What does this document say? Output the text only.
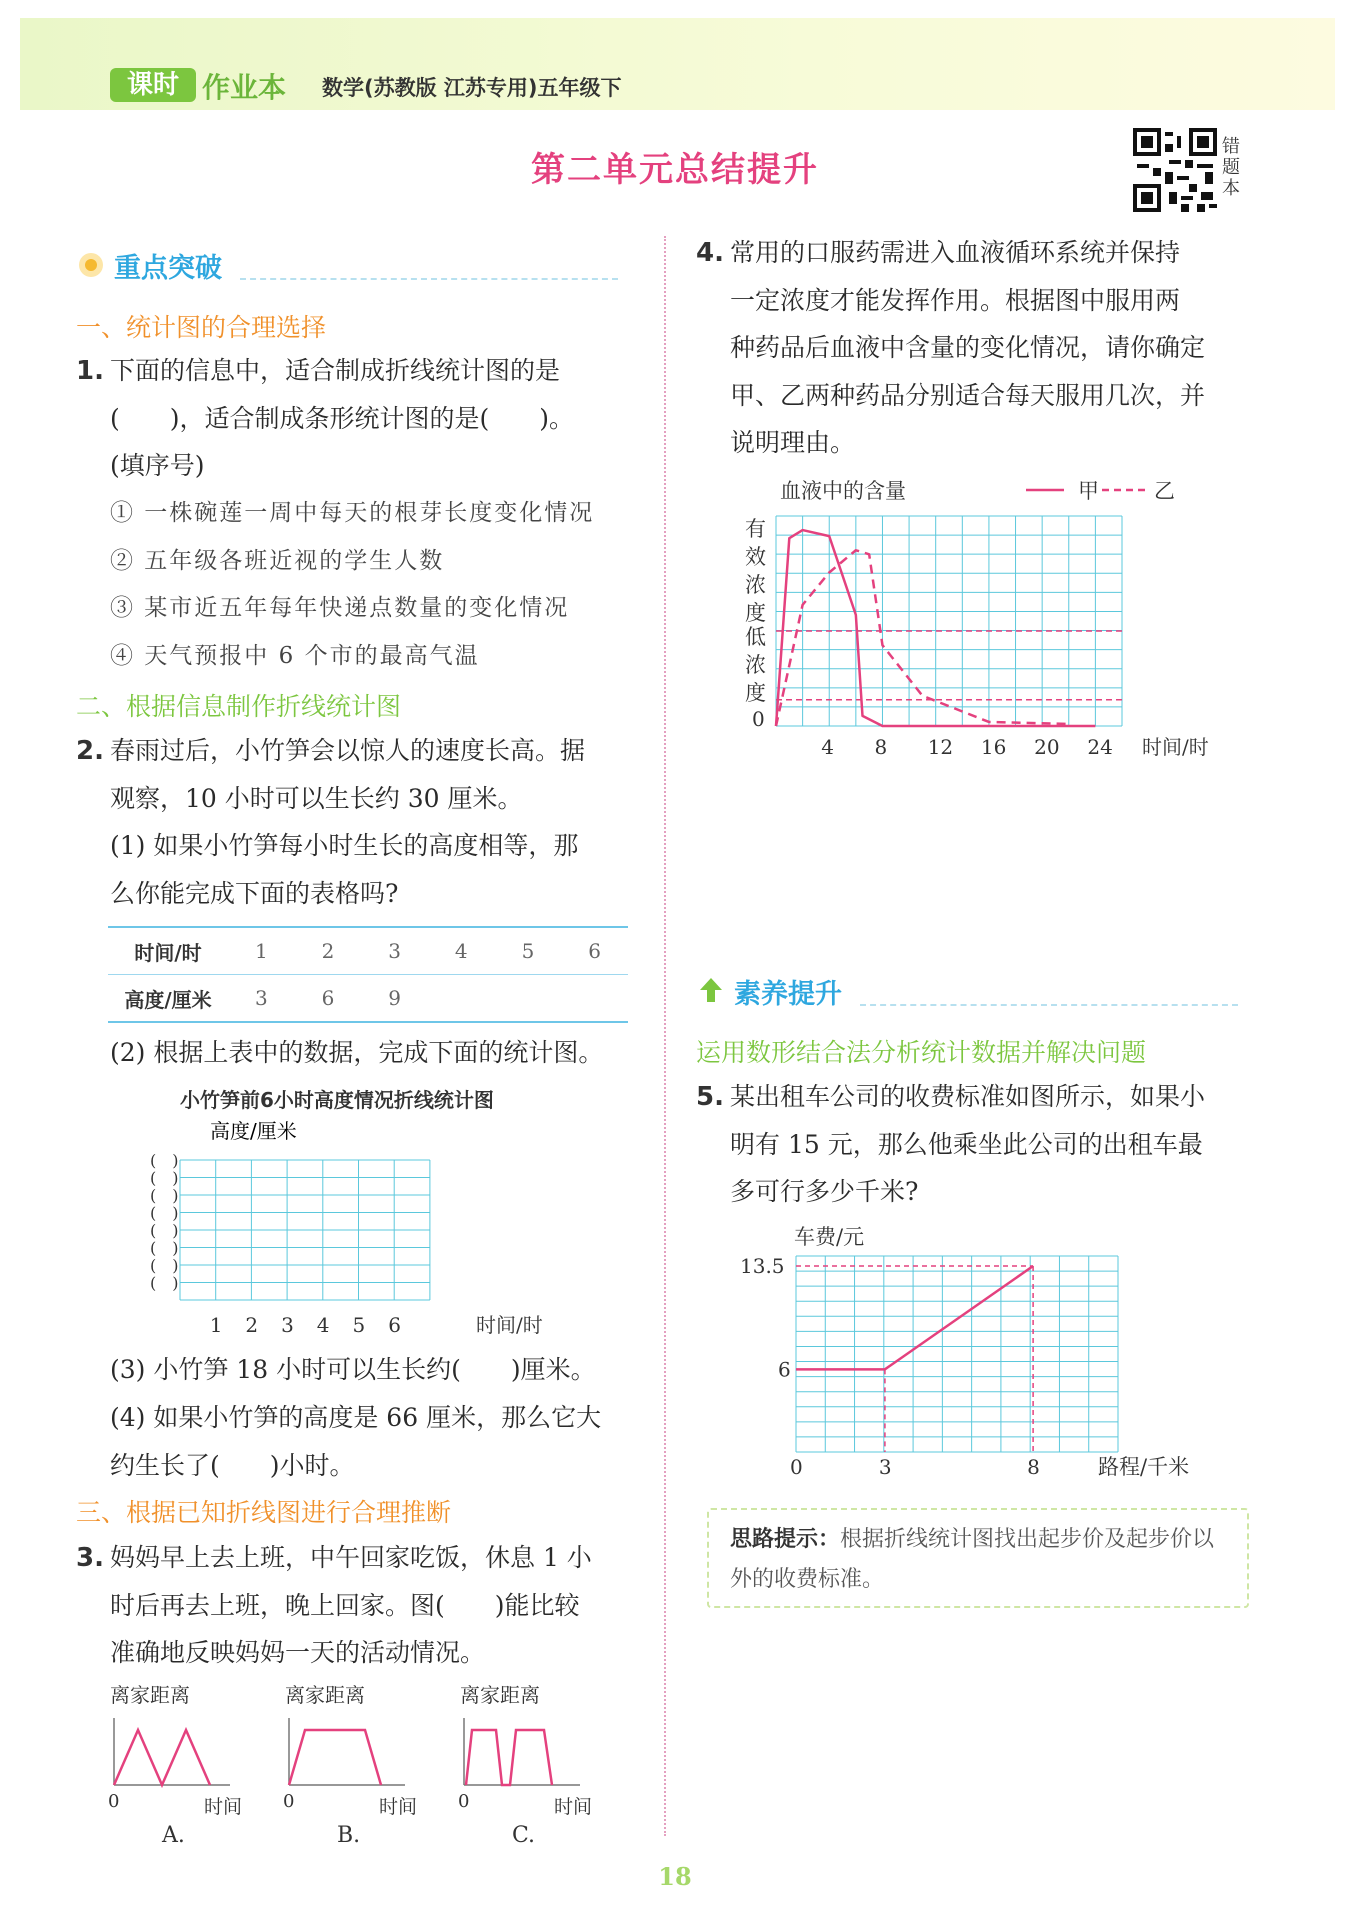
课时 作业本 数学(苏教版 江苏专用)五年级下
第二单元总结提升
错题本
重点突破
一、统计图的合理选择
1. 下面的信息中，适合制成折线统计图的是
(　　)，适合制成条形统计图的是(　　)。
(填序号)
① 一株碗莲一周中每天的根芽长度变化情况
② 五年级各班近视的学生人数
③ 某市近五年每年快递点数量的变化情况
④ 天气预报中 6 个市的最高气温
二、根据信息制作折线统计图
2. 春雨过后，小竹笋会以惊人的速度长高。据
观察，10 小时可以生长约 30 厘米。
(1) 如果小竹笋每小时生长的高度相等，那
么你能完成下面的表格吗?
时间/时	1	2	3	4	5	6
高度/厘米	3	6	9			
(2) 根据上表中的数据，完成下面的统计图。
小竹笋前6小时高度情况折线统计图
高度/厘米
(　)
(　)
(　)
(　)
(　)
(　)
(　)
(　)
1 2 3 4 5 6	时间/时
(3) 小竹笋 18 小时可以生长约(　　)厘米。
(4) 如果小竹笋的高度是 66 厘米，那么它大
约生长了(　　)小时。
三、根据已知折线图进行合理推断
3. 妈妈早上去上班，中午回家吃饭，休息 1 小
时后再去上班，晚上回家。图(　　)能比较
准确地反映妈妈一天的活动情况。
离家距离
0	时间
A.
离家距离
0	时间
B.
离家距离
0	时间
C.
4. 常用的口服药需进入血液循环系统并保持
一定浓度才能发挥作用。根据图中服用两
种药品后血液中含量的变化情况，请你确定
甲、乙两种药品分别适合每天服用几次，并
说明理由。
血液中的含量	甲	乙
有效浓度
低浓度
0
4 8 12 16 20 24 时间/时
素养提升
运用数形结合法分析统计数据并解决问题
5. 某出租车公司的收费标准如图所示，如果小
明有 15 元，那么他乘坐此公司的出租车最
多可行多少千米?
车费/元
6
13.5
0	3	8	路程/千米
思路提示：根据折线统计图找出起步价及起步价以外的收费标准。
18
